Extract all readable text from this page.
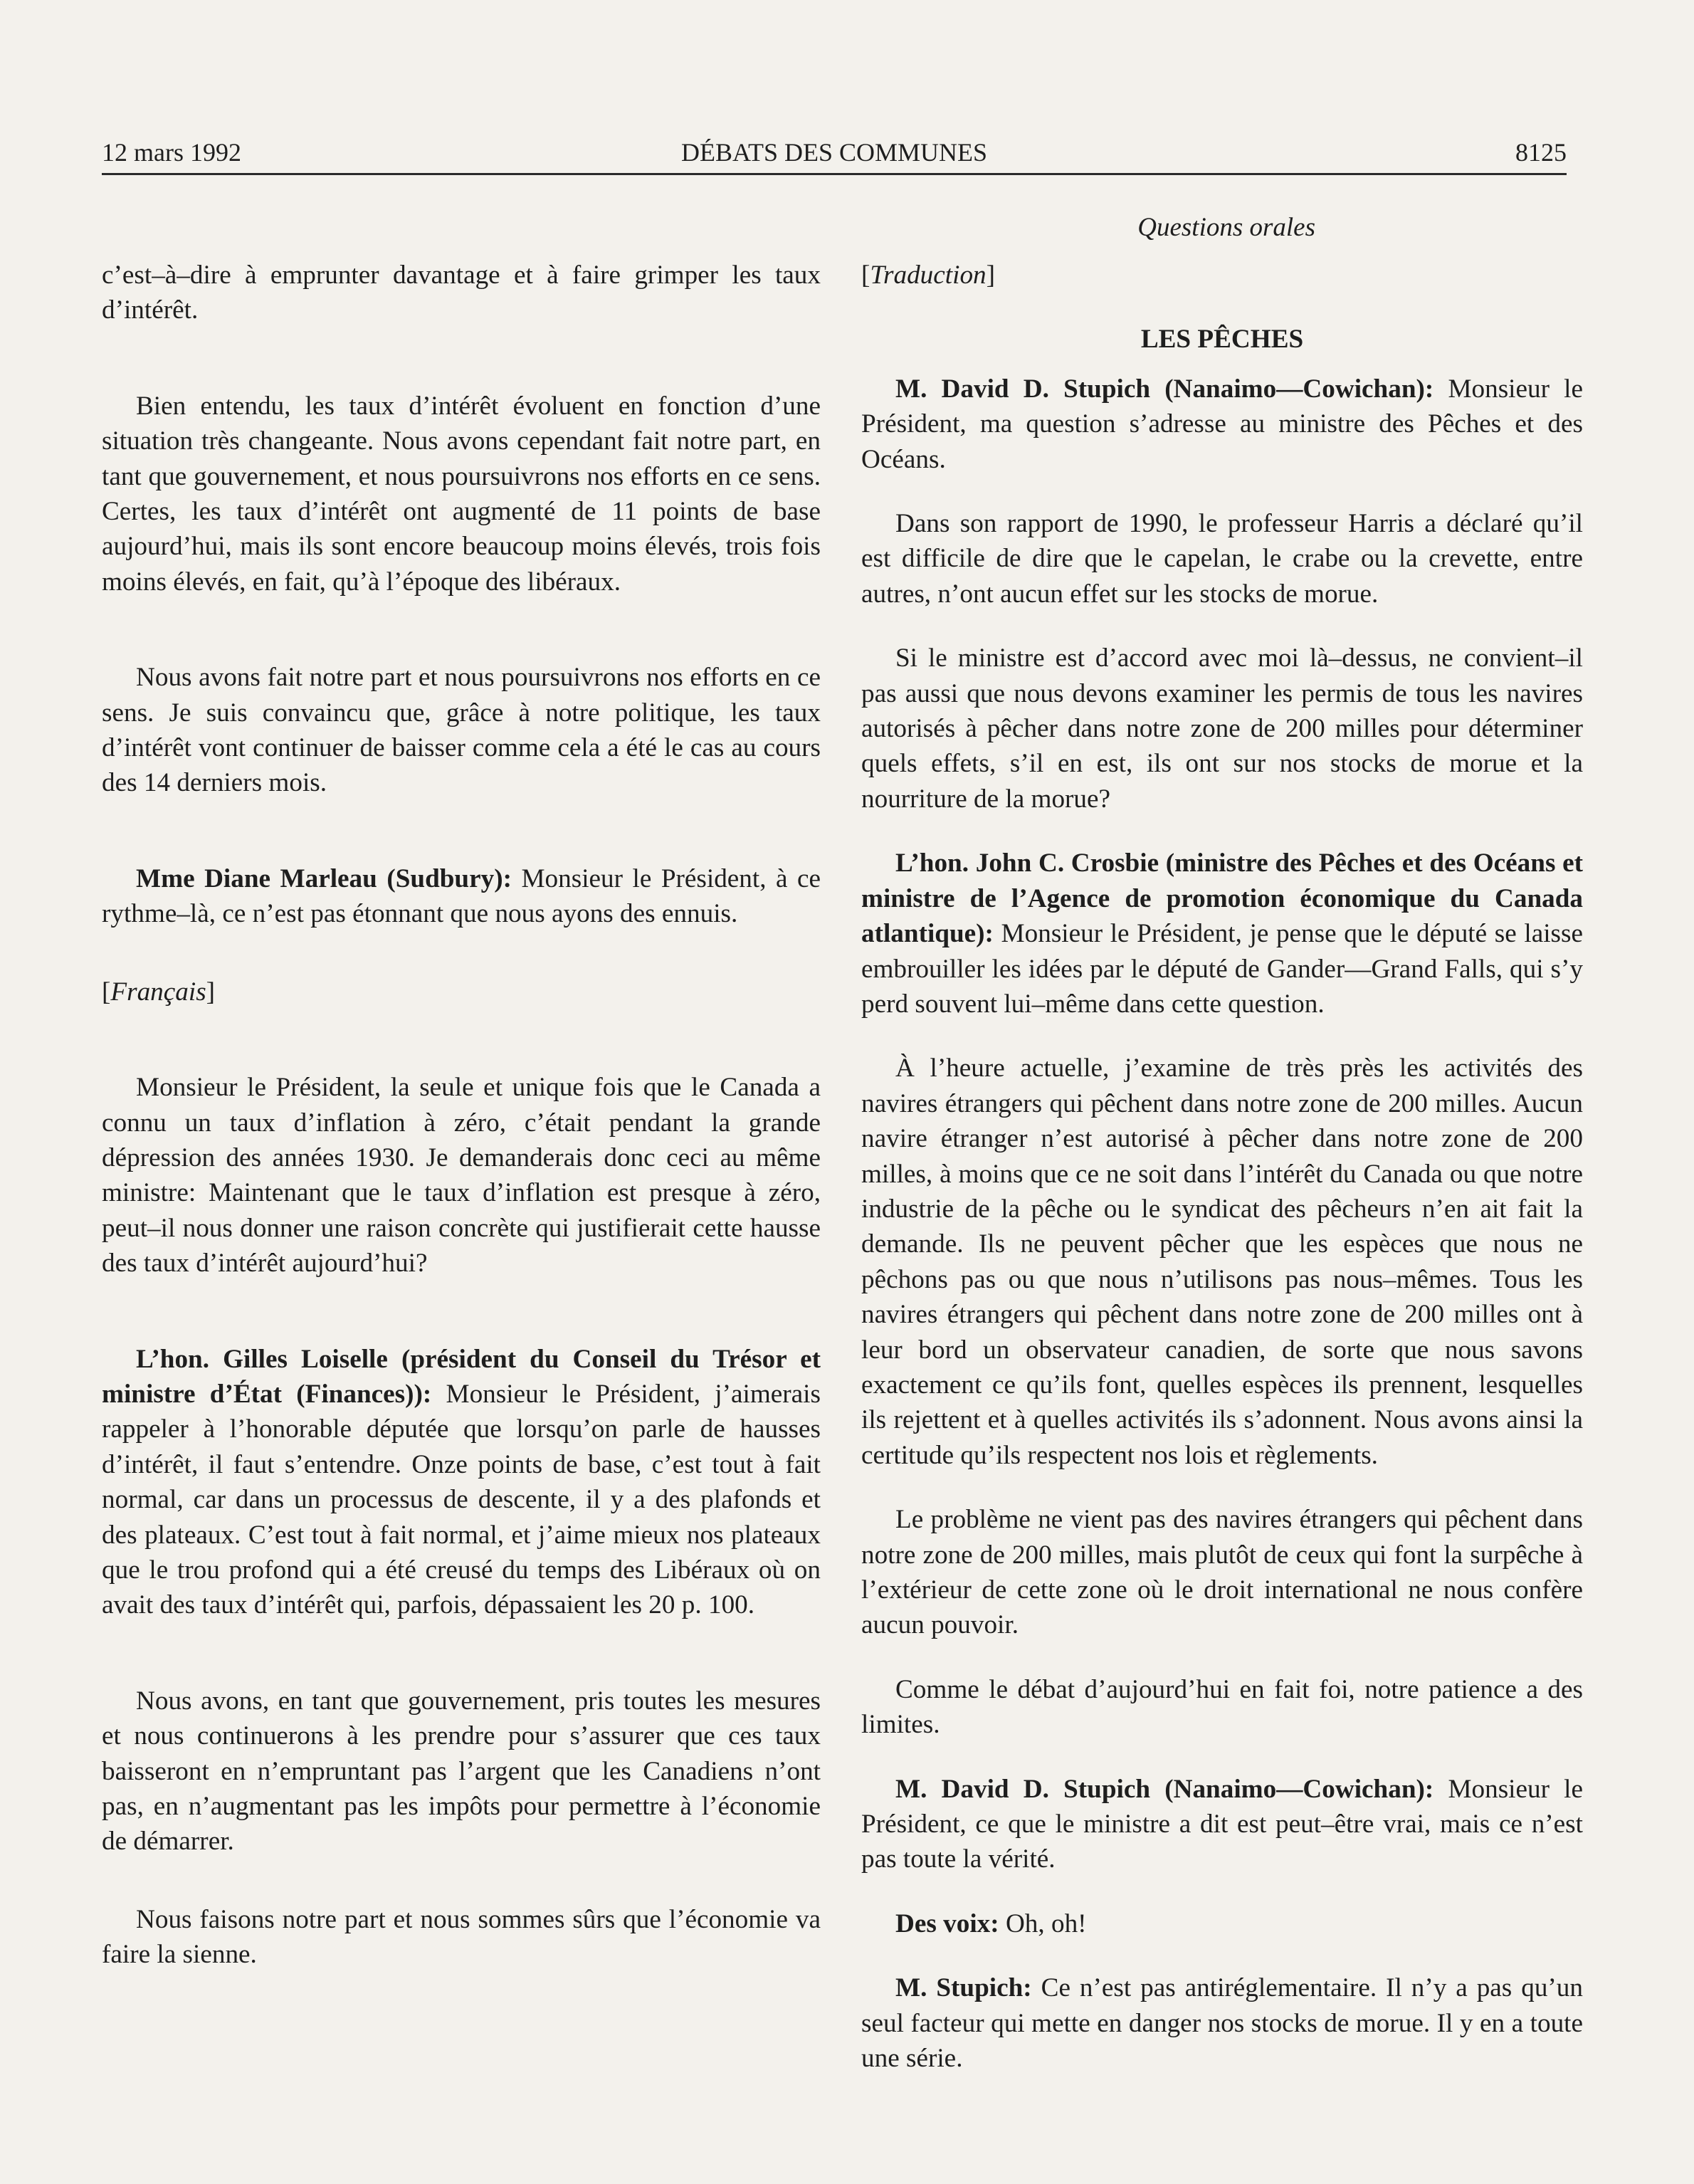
12 mars 1992	DÉBATS DES COMMUNES	8125
Questions orales

c’est–à–dire à emprunter davantage et à faire grimper les taux d’intérêt.

Bien entendu, les taux d’intérêt évoluent en fonction d’une situation très changeante. Nous avons cependant fait notre part, en tant que gouvernement, et nous poursuivrons nos efforts en ce sens. Certes, les taux d’intérêt ont augmenté de 11 points de base aujourd’hui, mais ils sont encore beaucoup moins élevés, trois fois moins élevés, en fait, qu’à l’époque des libéraux.

Nous avons fait notre part et nous poursuivrons nos efforts en ce sens. Je suis convaincu que, grâce à notre politique, les taux d’intérêt vont continuer de baisser comme cela a été le cas au cours des 14 derniers mois.

Mme Diane Marleau (Sudbury): Monsieur le Président, à ce rythme–là, ce n’est pas étonnant que nous ayons des ennuis.

[Français]

Monsieur le Président, la seule et unique fois que le Canada a connu un taux d’inflation à zéro, c’était pendant la grande dépression des années 1930. Je demanderais donc ceci au même ministre: Maintenant que le taux d’inflation est presque à zéro, peut–il nous donner une raison concrète qui justifierait cette hausse des taux d’intérêt aujourd’hui?

L’hon. Gilles Loiselle (président du Conseil du Trésor et ministre d’État (Finances)): Monsieur le Président, j’aimerais rappeler à l’honorable députée que lorsqu’on parle de hausses d’intérêt, il faut s’entendre. Onze points de base, c’est tout à fait normal, car dans un processus de descente, il y a des plafonds et des plateaux. C’est tout à fait normal, et j’aime mieux nos plateaux que le trou profond qui a été creusé du temps des Libéraux où on avait des taux d’intérêt qui, parfois, dépassaient les 20 p. 100.

Nous avons, en tant que gouvernement, pris toutes les mesures et nous continuerons à les prendre pour s’assurer que ces taux baisseront en n’empruntant pas l’argent que les Canadiens n’ont pas, en n’augmentant pas les impôts pour permettre à l’économie de démarrer.

Nous faisons notre part et nous sommes sûrs que l’économie va faire la sienne.

[Traduction]

LES PÊCHES

M. David D. Stupich (Nanaimo—Cowichan): Monsieur le Président, ma question s’adresse au ministre des Pêches et des Océans.

Dans son rapport de 1990, le professeur Harris a déclaré qu’il est difficile de dire que le capelan, le crabe ou la crevette, entre autres, n’ont aucun effet sur les stocks de morue.

Si le ministre est d’accord avec moi là–dessus, ne convient–il pas aussi que nous devons examiner les permis de tous les navires autorisés à pêcher dans notre zone de 200 milles pour déterminer quels effets, s’il en est, ils ont sur nos stocks de morue et la nourriture de la morue?

L’hon. John C. Crosbie (ministre des Pêches et des Océans et ministre de l’Agence de promotion économique du Canada atlantique): Monsieur le Président, je pense que le député se laisse embrouiller les idées par le député de Gander—Grand Falls, qui s’y perd souvent lui–même dans cette question.

À l’heure actuelle, j’examine de très près les activités des navires étrangers qui pêchent dans notre zone de 200 milles. Aucun navire étranger n’est autorisé à pêcher dans notre zone de 200 milles, à moins que ce ne soit dans l’intérêt du Canada ou que notre industrie de la pêche ou le syndicat des pêcheurs n’en ait fait la demande. Ils ne peuvent pêcher que les espèces que nous ne pêchons pas ou que nous n’utilisons pas nous–mêmes. Tous les navires étrangers qui pêchent dans notre zone de 200 milles ont à leur bord un observateur canadien, de sorte que nous savons exactement ce qu’ils font, quelles espèces ils prennent, lesquelles ils rejettent et à quelles activités ils s’adonnent. Nous avons ainsi la certitude qu’ils respectent nos lois et règlements.

Le problème ne vient pas des navires étrangers qui pêchent dans notre zone de 200 milles, mais plutôt de ceux qui font la surpêche à l’extérieur de cette zone où le droit international ne nous confère aucun pouvoir.

Comme le débat d’aujourd’hui en fait foi, notre patience a des limites.

M. David D. Stupich (Nanaimo—Cowichan): Monsieur le Président, ce que le ministre a dit est peut–être vrai, mais ce n’est pas toute la vérité.

Des voix: Oh, oh!

M. Stupich: Ce n’est pas antiréglementaire. Il n’y a pas qu’un seul facteur qui mette en danger nos stocks de morue. Il y en a toute une série.
